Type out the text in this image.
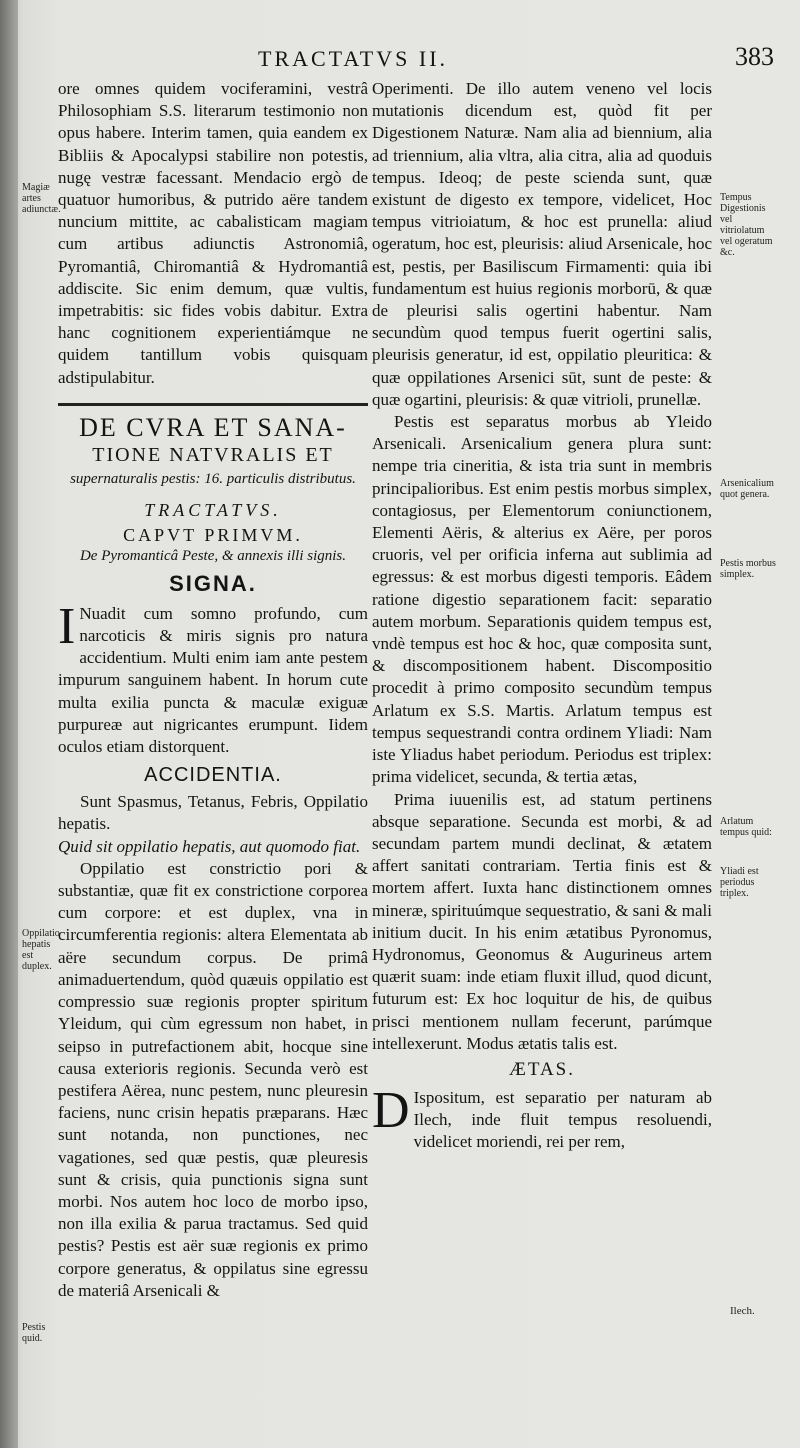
TRACTATVS II.	383

ore omnes quidem vociferamini, vestrâ Philosophiam S.S. literarum testimonio non opus habere. Interim tamen, quia eandem ex Bibliis & Apocalypsi stabilire non potestis, nugę vestræ facessant. Mendacio ergò de quatuor humoribus, & putrido aëre tandem nuncium mittite, ac cabalisticam magiam cum artibus adiunctis Astronomiâ, Pyromantiâ, Chiromantiâ & Hydromantiâ addiscite. Sic enim demum, quæ vultis, impetrabitis: sic fides vobis dabitur. Extra hanc cognitionem experientiámque ne quidem tantillum vobis quisquam adstipulabitur.

DE CVRA ET SANA-

TIONE NATVRALIS ET

supernaturalis pestis: 16. particulis distributus.

TRACTATVS.

CAPVT PRIMVM.

De Pyromanticâ Peste, & annexis illi signis.

SIGNA.

I Nuadit cum somno profundo, cum narcoticis & miris signis pro natura accidentium. Multi enim iam ante pestem impurum sanguinem habent. In horum cute multa exilia puncta & maculæ exiguæ purpureæ aut nigricantes erumpunt. Iidem oculos etiam distorquent.

ACCIDENTIA.

Sunt Spasmus, Tetanus, Febris, Oppilatio hepatis.

Quid sit oppilatio hepatis, aut quomodo fiat.

Oppilatio est constrictio pori & substantiæ, quæ fit ex constrictione corporea cum corpore: et est duplex, vna in circumferentia regionis: altera Elementata ab aëre secundum corpus. De primâ animaduertendum, quòd quæuis oppilatio est compressio suæ regionis propter spiritum Yleidum, qui cùm egressum non habet, in seipso in putrefactionem abit, hocque sine causa exterioris regionis. Secunda verò est pestifera Aërea, nunc pestem, nunc pleuresin faciens, nunc crisin hepatis præparans. Hæc sunt notanda, non punctiones, nec vagationes, sed quæ pestis, quæ pleuresis sunt & crisis, quia punctionis signa sunt morbi. Nos autem hoc loco de morbo ipso, non illa exilia & parua tractamus. Sed quid pestis? Pestis est aër suæ regionis ex primo corpore generatus, & oppilatus sine egressu de materiâ Arsenicali &

Operimenti. De illo autem veneno vel locis mutationis dicendum est, quòd fit per Digestionem Naturæ. Nam alia ad biennium, alia ad triennium, alia vltra, alia citra, alia ad quoduis tempus. Ideoq; de peste scienda sunt, quæ existunt de digesto ex tempore, videlicet, Hoc tempus vitrioiatum, & hoc est prunella: aliud ogeratum, hoc est, pleurisis: aliud Arsenicale, hoc est, pestis, per Basiliscum Firmamenti: quia ibi fundamentum est huius regionis morborū, & quæ de pleurisi salis ogertini habentur. Nam secundùm quod tempus fuerit ogertini salis, pleurisis generatur, id est, oppilatio pleuritica: & quæ oppilationes Arsenici sūt, sunt de peste: & quæ ogartini, pleurisis: & quæ vitrioli, prunellæ.

Pestis est separatus morbus ab Yleido Arsenicali. Arsenicalium genera plura sunt: nempe tria cineritia, & ista tria sunt in membris principalioribus. Est enim pestis morbus simplex, contagiosus, per Elementorum coniunctionem, Elementi Aëris, & alterius ex Aëre, per poros cruoris, vel per orificia inferna aut sublimia ad egressus: & est morbus digesti temporis. Eâdem ratione digestio separationem facit: separatio autem morbum. Separationis quidem tempus est, vndè tempus est hoc & hoc, quæ composita sunt, & discompositionem habent. Discompositio procedit à primo composito secundùm tempus Arlatum ex S.S. Martis. Arlatum tempus est tempus sequestrandi contra ordinem Yliadi: Nam iste Yliadus habet periodum. Periodus est triplex: prima videlicet, secunda, & tertia ætas,

Prima iuuenilis est, ad statum pertinens absque separatione. Secunda est morbi, & ad secundam partem mundi declinat, & ætatem affert sanitati contrariam. Tertia finis est & mortem affert. Iuxta hanc distinctionem omnes mineræ, spirituúmque sequestratio, & sani & mali initium ducit. In his enim ætatibus Pyronomus, Hydronomus, Geonomus & Augurineus artem quærit suam: inde etiam fluxit illud, quod dicunt, futurum est: Ex hoc loquitur de his, de quibus prisci mentionem nullam fecerunt, parúmque intellexerunt. Modus ætatis talis est.

ÆTAS.

D Ispositum, est separatio per naturam ab Ilech, inde fluit tempus resoluendi, videlicet moriendi, rei per rem,

Magiæ artes adiunctæ.
Oppilatio hepatis est duplex.
Pestis quid.
Tempus Digestionis vel vitriolatum vel ogeratum &c.
Arsenicalium quot genera.
Pestis morbus simplex.
Arlatum tempus quid:
Yliadi est periodus triplex.
Ilech.
